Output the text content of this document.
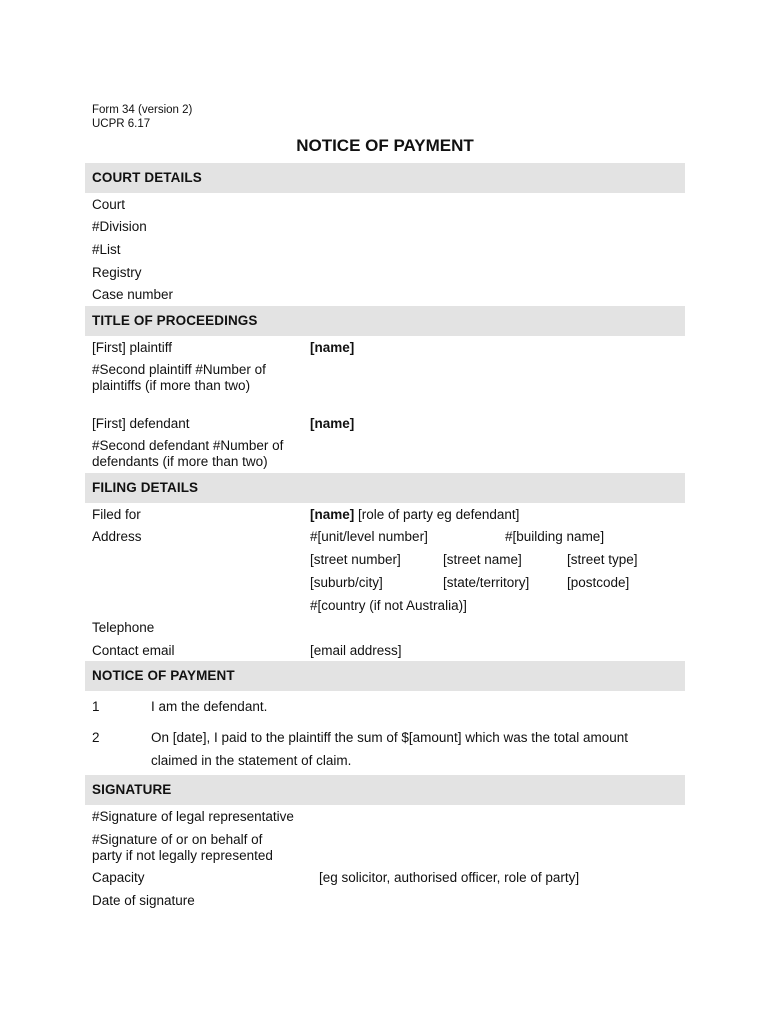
Form 34 (version 2)
UCPR 6.17
NOTICE OF PAYMENT
COURT DETAILS
Court
#Division
#List
Registry
Case number
TITLE OF PROCEEDINGS
[First] plaintiff	[name]
#Second plaintiff #Number of
plaintiffs (if more than two)
[First] defendant	[name]
#Second defendant #Number of
defendants (if more than two)
FILING DETAILS
Filed for	[name] [role of party eg defendant]
Address	#[unit/level number]	#[building name]
[street number]	[street name]	[street type]
[suburb/city]	[state/territory]	[postcode]
#[country (if not Australia)]
Telephone
Contact email	[email address]
NOTICE OF PAYMENT
1	I am the defendant.
2	On [date], I paid to the plaintiff the sum of $[amount] which was the total amount
claimed in the statement of claim.
SIGNATURE
#Signature of legal representative
#Signature of or on behalf of
party if not legally represented
Capacity	[eg solicitor, authorised officer, role of party]
Date of signature
